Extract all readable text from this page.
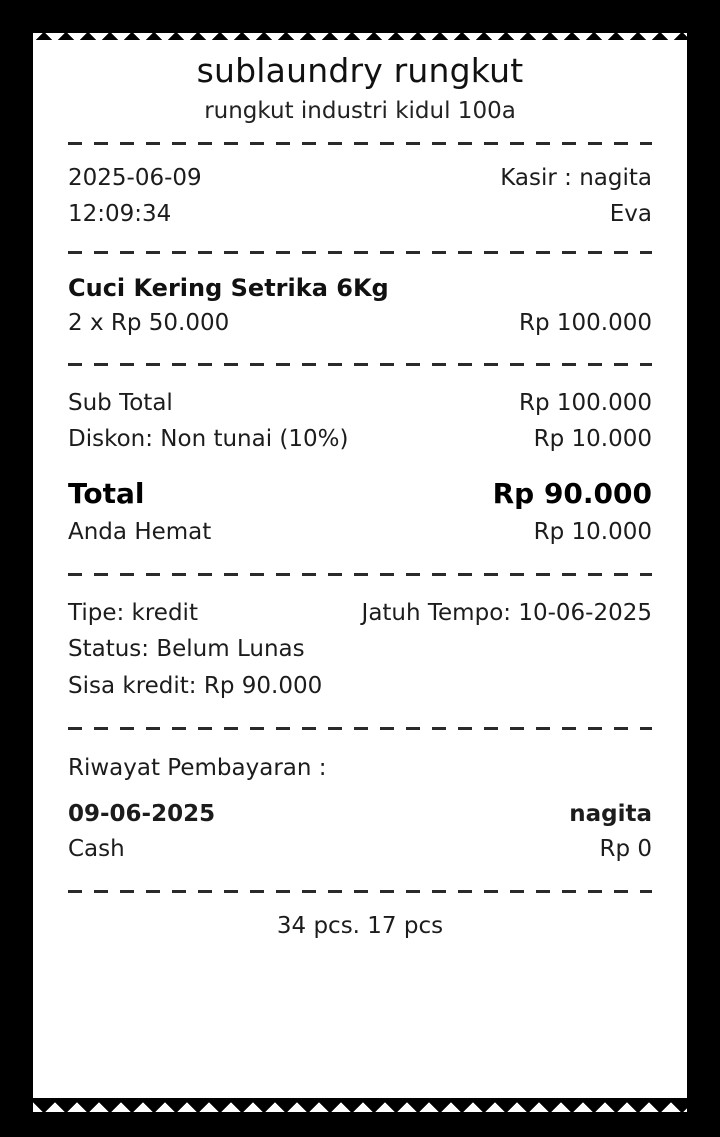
sublaundry rungkut
rungkut industri kidul 100a
2025-06-09	Kasir : nagita
12:09:34	Eva
Cuci Kering Setrika 6Kg
2 x Rp 50.000	Rp 100.000
Sub Total	Rp 100.000
Diskon: Non tunai (10%)	Rp 10.000
Total	Rp 90.000
Anda Hemat	Rp 10.000
Tipe: kredit	Jatuh Tempo: 10-06-2025
Status: Belum Lunas
Sisa kredit: Rp 90.000
Riwayat Pembayaran :
09-06-2025	nagita
Cash	Rp 0
34 pcs. 17 pcs
